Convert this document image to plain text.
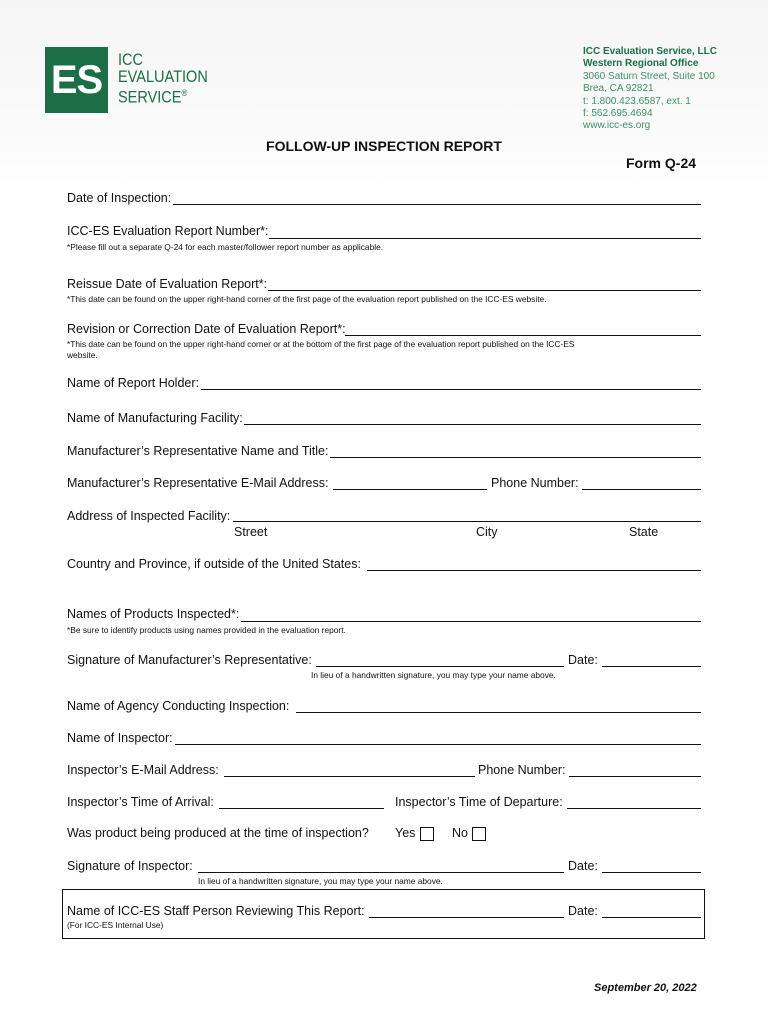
ES ICC
EVALUATION
SERVICE®
ICC Evaluation Service, LLC
Western Regional Office
3060 Saturn Street, Suite 100
Brea, CA 92821
t: 1.800.423.6587, ext. 1
f: 562.695.4694
www.icc-es.org
FOLLOW-UP INSPECTION REPORT
Form Q-24
Date of Inspection:
ICC-ES Evaluation Report Number*:
*Please fill out a separate Q-24 for each master/follower report number as applicable.
Reissue Date of Evaluation Report*:
*This date can be found on the upper right-hand corner of the first page of the evaluation report published on the ICC-ES website.
Revision or Correction Date of Evaluation Report*:
*This date can be found on the upper right-hand corner or at the bottom of the first page of the evaluation report published on the ICC-ES
website.
Name of Report Holder:
Name of Manufacturing Facility:
Manufacturer’s Representative Name and Title:
Manufacturer’s Representative E-Mail Address:	Phone Number:
Address of Inspected Facility:
Street	City	State
Country and Province, if outside of the United States:
Names of Products Inspected*:
*Be sure to identify products using names provided in the evaluation report.
Signature of Manufacturer’s Representative:	Date:
In lieu of a handwritten signature, you may type your name above.
Name of Agency Conducting Inspection:
Name of Inspector:
Inspector’s E-Mail Address:	Phone Number:
Inspector’s Time of Arrival:	Inspector’s Time of Departure:
Was product being produced at the time of inspection? Yes	No
Signature of Inspector:	Date:
In lieu of a handwritten signature, you may type your name above.
Name of ICC-ES Staff Person Reviewing This Report:	Date:
(For ICC-ES Internal Use)
September 20, 2022
